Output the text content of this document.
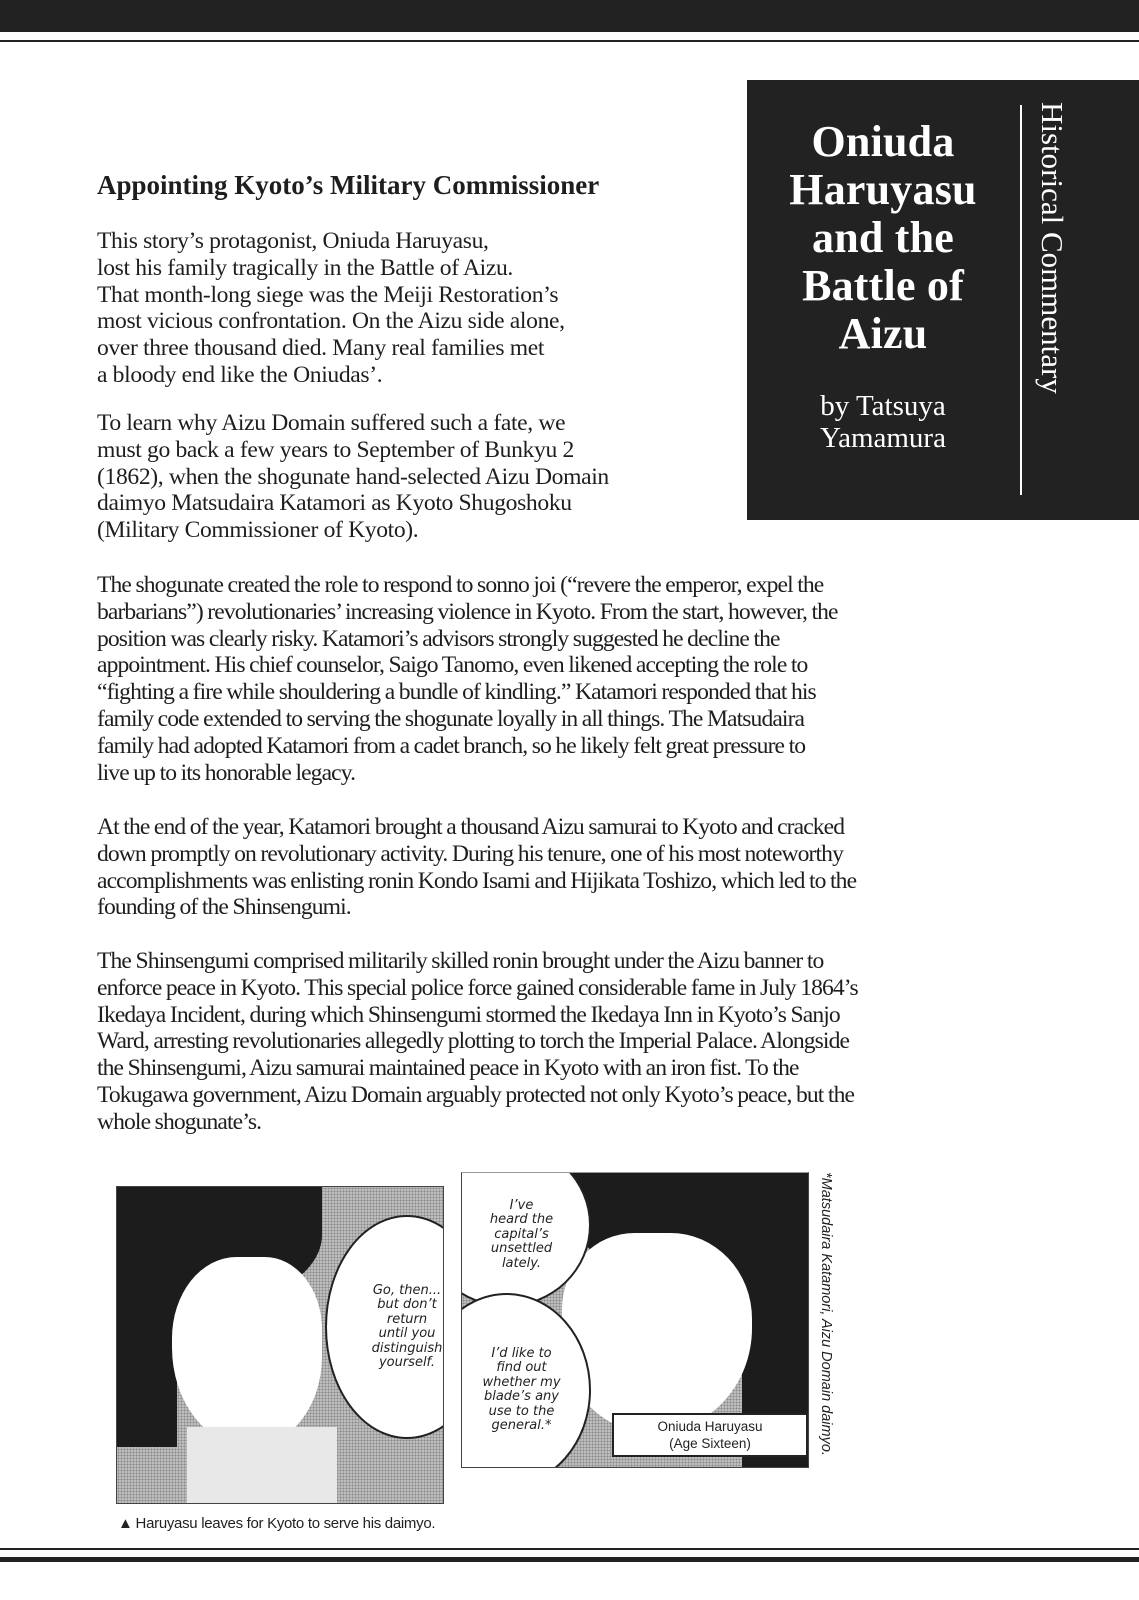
Oniuda
Haruyasu
and the
Battle of
Aizu
by Tatsuya
Yamamura
Historical Commentary
Appointing Kyoto’s Military Commissioner
This story’s protagonist, Oniuda Haruyasu,
lost his family tragically in the Battle of Aizu.
That month-long siege was the Meiji Restoration’s
most vicious confrontation. On the Aizu side alone,
over three thousand died. Many real families met
a bloody end like the Oniudas’.
To learn why Aizu Domain suffered such a fate, we
must go back a few years to September of Bunkyu 2
(1862), when the shogunate hand-selected Aizu Domain
daimyo Matsudaira Katamori as Kyoto Shugoshoku
(Military Commissioner of Kyoto).
The shogunate created the role to respond to sonno joi (“revere the emperor, expel the
barbarians”) revolutionaries’ increasing violence in Kyoto. From the start, however, the
position was clearly risky. Katamori’s advisors strongly suggested he decline the
appointment. His chief counselor, Saigo Tanomo, even likened accepting the role to
“fighting a fire while shouldering a bundle of kindling.” Katamori responded that his
family code extended to serving the shogunate loyally in all things. The Matsudaira
family had adopted Katamori from a cadet branch, so he likely felt great pressure to
live up to its honorable legacy.
At the end of the year, Katamori brought a thousand Aizu samurai to Kyoto and cracked
down promptly on revolutionary activity. During his tenure, one of his most noteworthy
accomplishments was enlisting ronin Kondo Isami and Hijikata Toshizo, which led to the
founding of the Shinsengumi.
The Shinsengumi comprised militarily skilled ronin brought under the Aizu banner to
enforce peace in Kyoto. This special police force gained considerable fame in July 1864’s
Ikedaya Incident, during which Shinsengumi stormed the Ikedaya Inn in Kyoto’s Sanjo
Ward, arresting revolutionaries allegedly plotting to torch the Imperial Palace. Alongside
the Shinsengumi, Aizu samurai maintained peace in Kyoto with an iron fist. To the
Tokugawa government, Aizu Domain arguably protected not only Kyoto’s peace, but the
whole shogunate’s.
Go, then...
but don’t
return
until you
distinguish
yourself.
I’ve
heard the
capital’s
unsettled
lately.
I’d like to
find out
whether my
blade’s any
use to the
general.*	Oniuda Haruyasu
(Age Sixteen)	*Matsudaira Katamori, Aizu Domain daimyo.
▲ Haruyasu leaves for Kyoto to serve his daimyo.
